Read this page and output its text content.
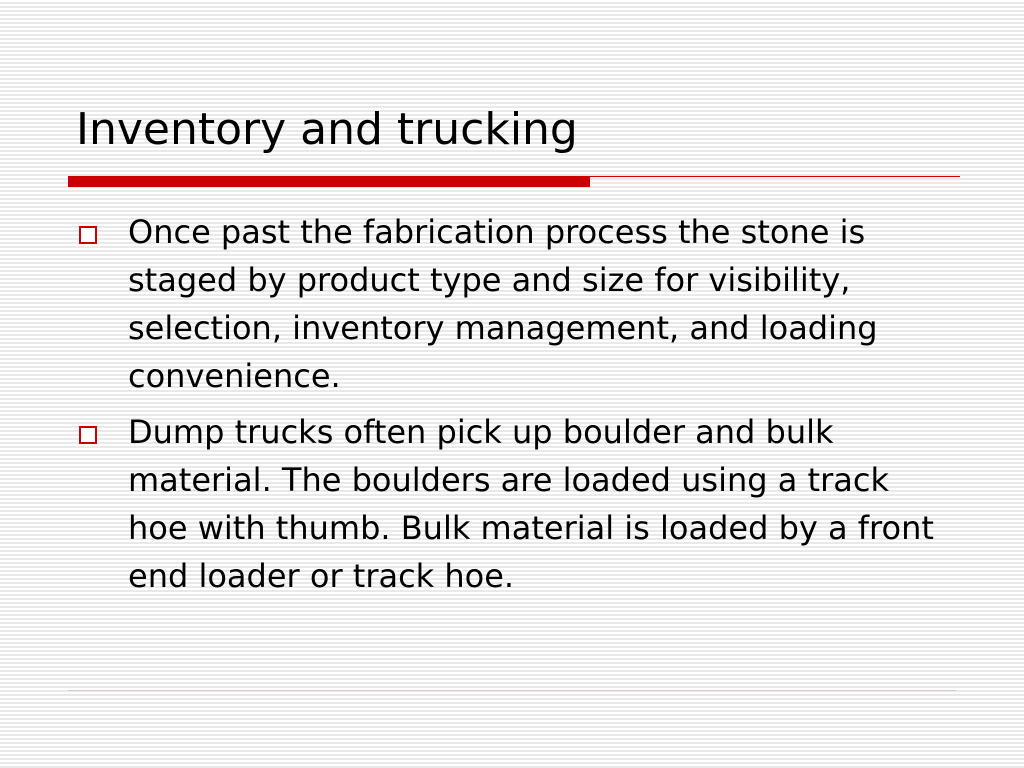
Inventory and trucking
Once past the fabrication process the stone is staged by product type and size for visibility, selection, inventory management, and loading convenience.
Dump trucks often pick up boulder and bulk material. The boulders are loaded using a track hoe with thumb. Bulk material is loaded by a front end loader or track hoe.
